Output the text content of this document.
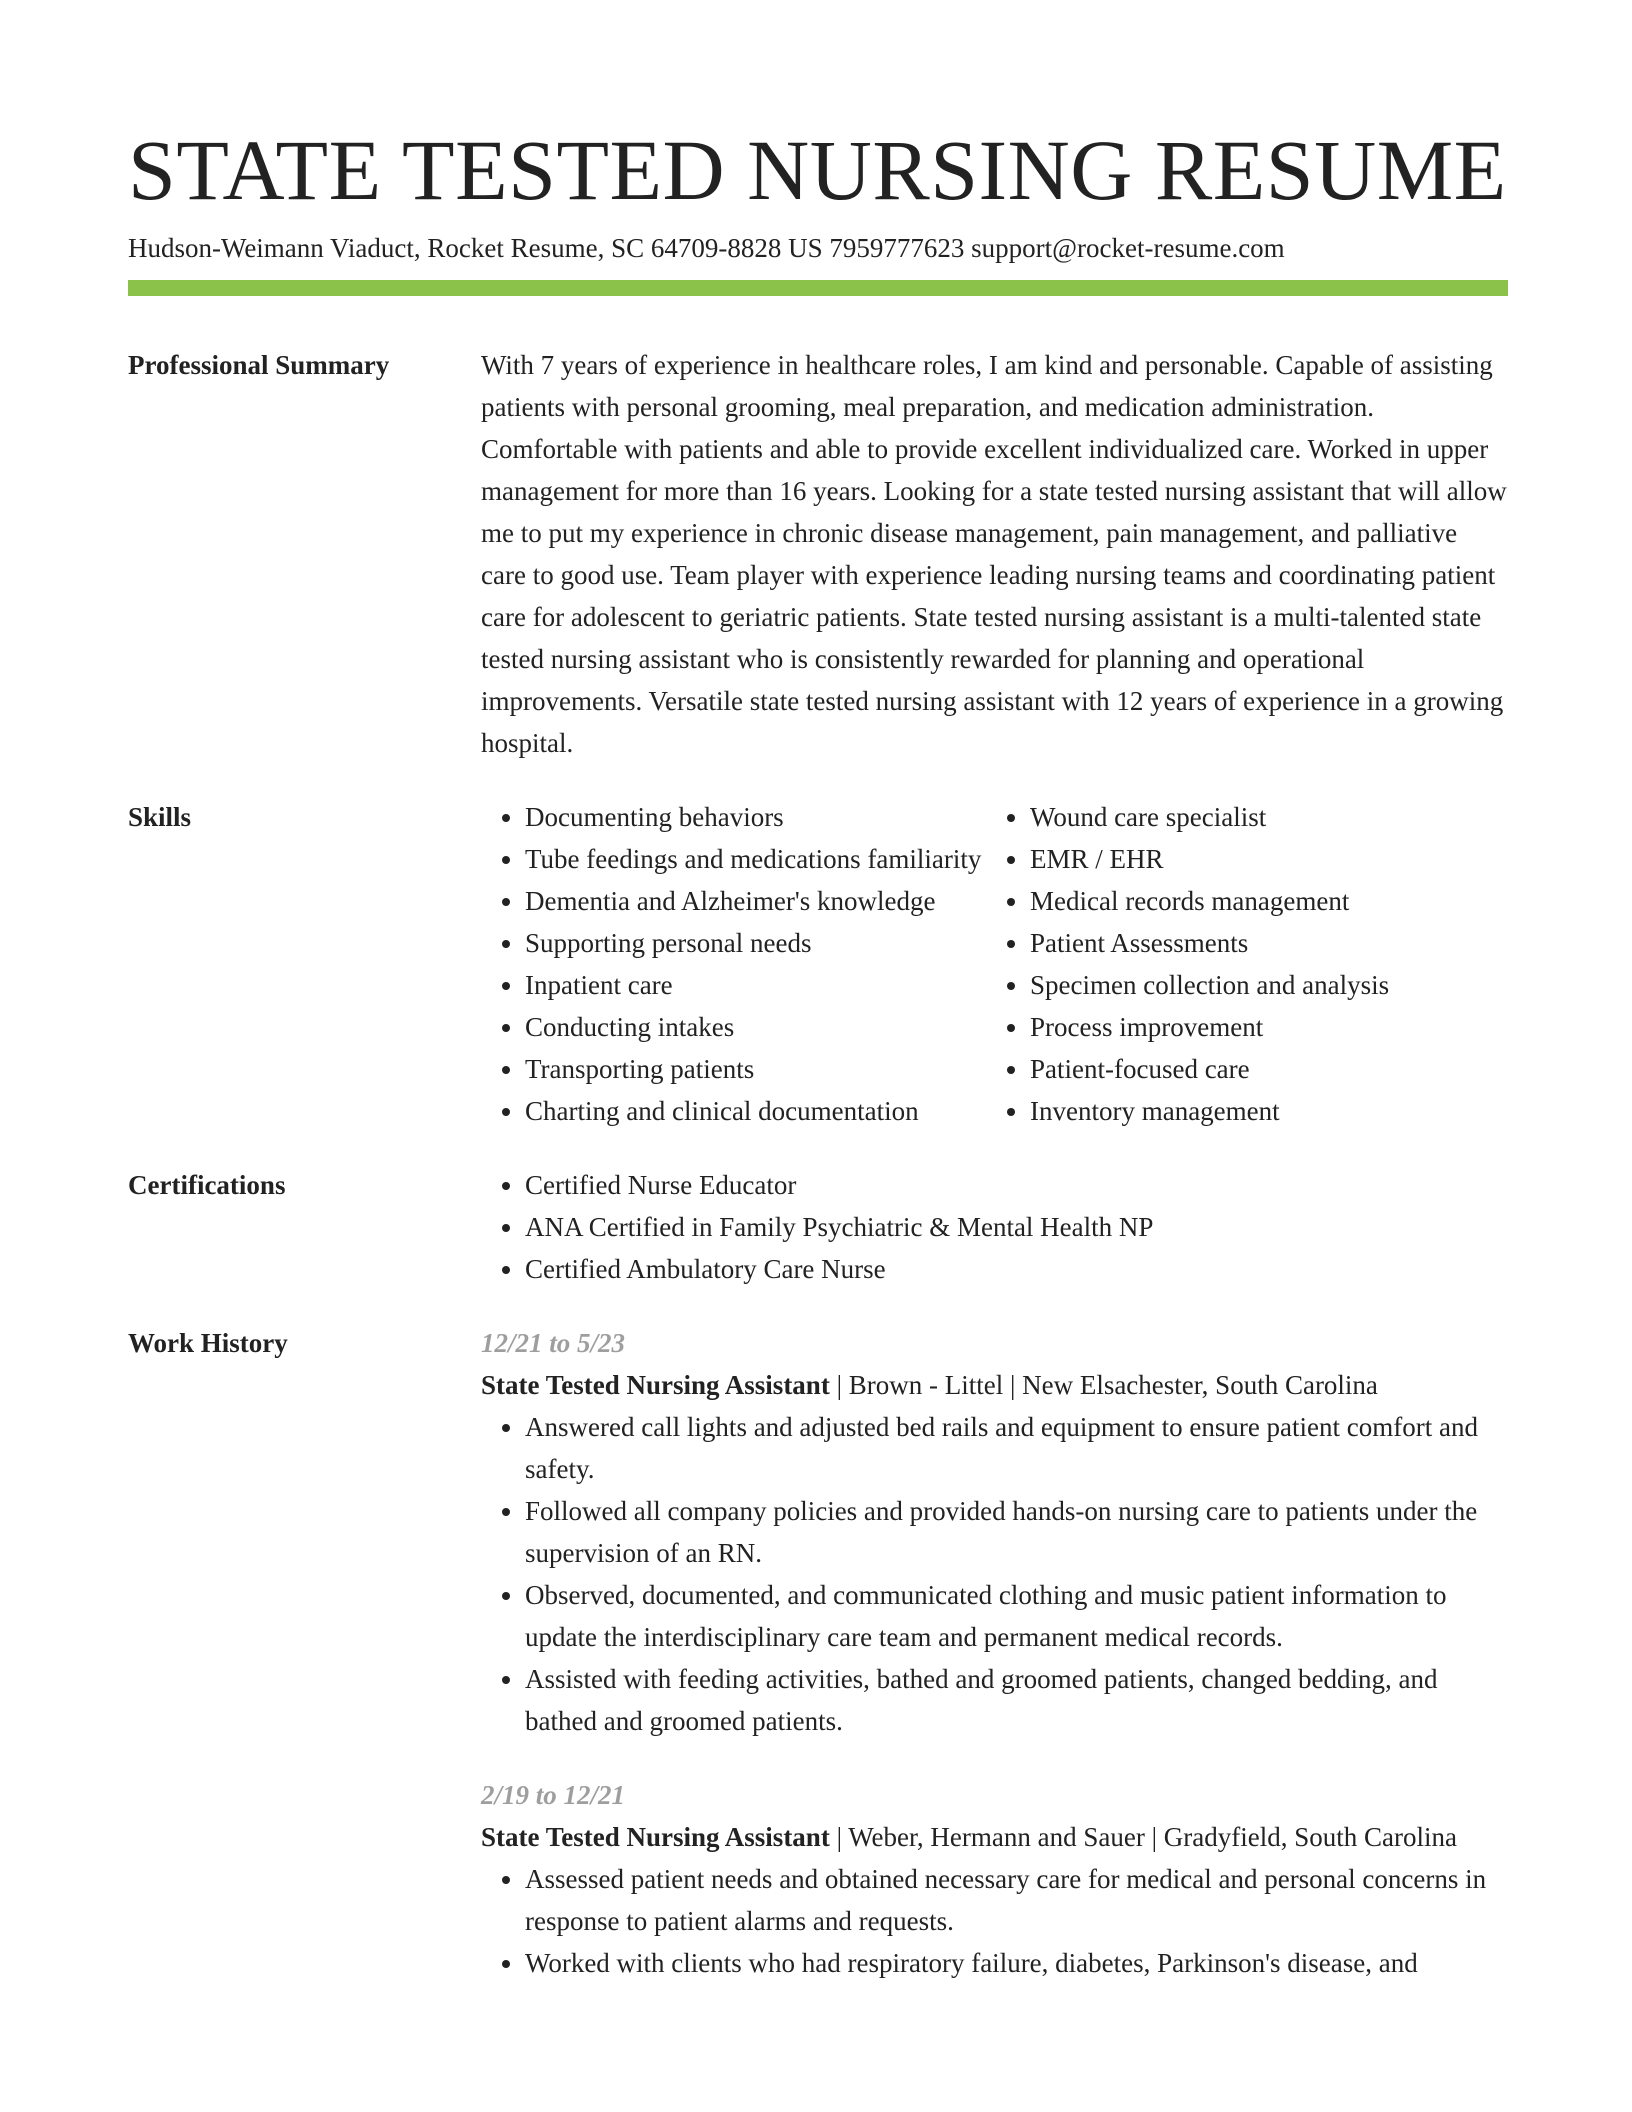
STATE TESTED NURSING RESUME
Hudson-Weimann Viaduct, Rocket Resume, SC 64709-8828 US 7959777623 support@rocket-resume.com
Professional Summary	With 7 years of experience in healthcare roles, I am kind and personable. Capable of assisting patients with personal grooming, meal preparation, and medication administration. Comfortable with patients and able to provide excellent individualized care. Worked in upper management for more than 16 years. Looking for a state tested nursing assistant that will allow me to put my experience in chronic disease management, pain management, and palliative care to good use. Team player with experience leading nursing teams and coordinating patient care for adolescent to geriatric patients. State tested nursing assistant is a multi-talented state tested nursing assistant who is consistently rewarded for planning and operational improvements. Versatile state tested nursing assistant with 12 years of experience in a growing hospital.

Skills	• Documenting behaviors
• Tube feedings and medications familiarity
• Dementia and Alzheimer's knowledge
• Supporting personal needs
• Inpatient care
• Conducting intakes
• Transporting patients
• Charting and clinical documentation
• Wound care specialist
• EMR / EHR
• Medical records management
• Patient Assessments
• Specimen collection and analysis
• Process improvement
• Patient-focused care
• Inventory management
Certifications	• Certified Nurse Educator
• ANA Certified in Family Psychiatric & Mental Health NP
• Certified Ambulatory Care Nurse
Work History	12/21 to 5/23
State Tested Nursing Assistant | Brown - Littel | New Elsachester, South Carolina
• Answered call lights and adjusted bed rails and equipment to ensure patient comfort and safety.
• Followed all company policies and provided hands-on nursing care to patients under the supervision of an RN.
• Observed, documented, and communicated clothing and music patient information to update the interdisciplinary care team and permanent medical records.
• Assisted with feeding activities, bathed and groomed patients, changed bedding, and bathed and groomed patients.
2/19 to 12/21
State Tested Nursing Assistant | Weber, Hermann and Sauer | Gradyfield, South Carolina
• Assessed patient needs and obtained necessary care for medical and personal concerns in response to patient alarms and requests.
• Worked with clients who had respiratory failure, diabetes, Parkinson's disease, and
